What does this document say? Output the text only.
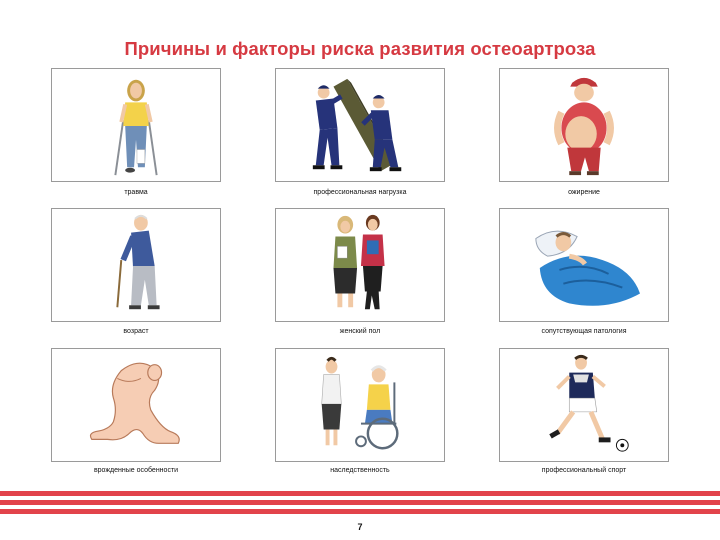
Причины и факторы риска развития остеоартроза
травма	профессиональная нагрузка	ожирение
возраст	женский пол	сопутствующая патология
врожденные особенности	наследственность	профессиональный спорт
7
